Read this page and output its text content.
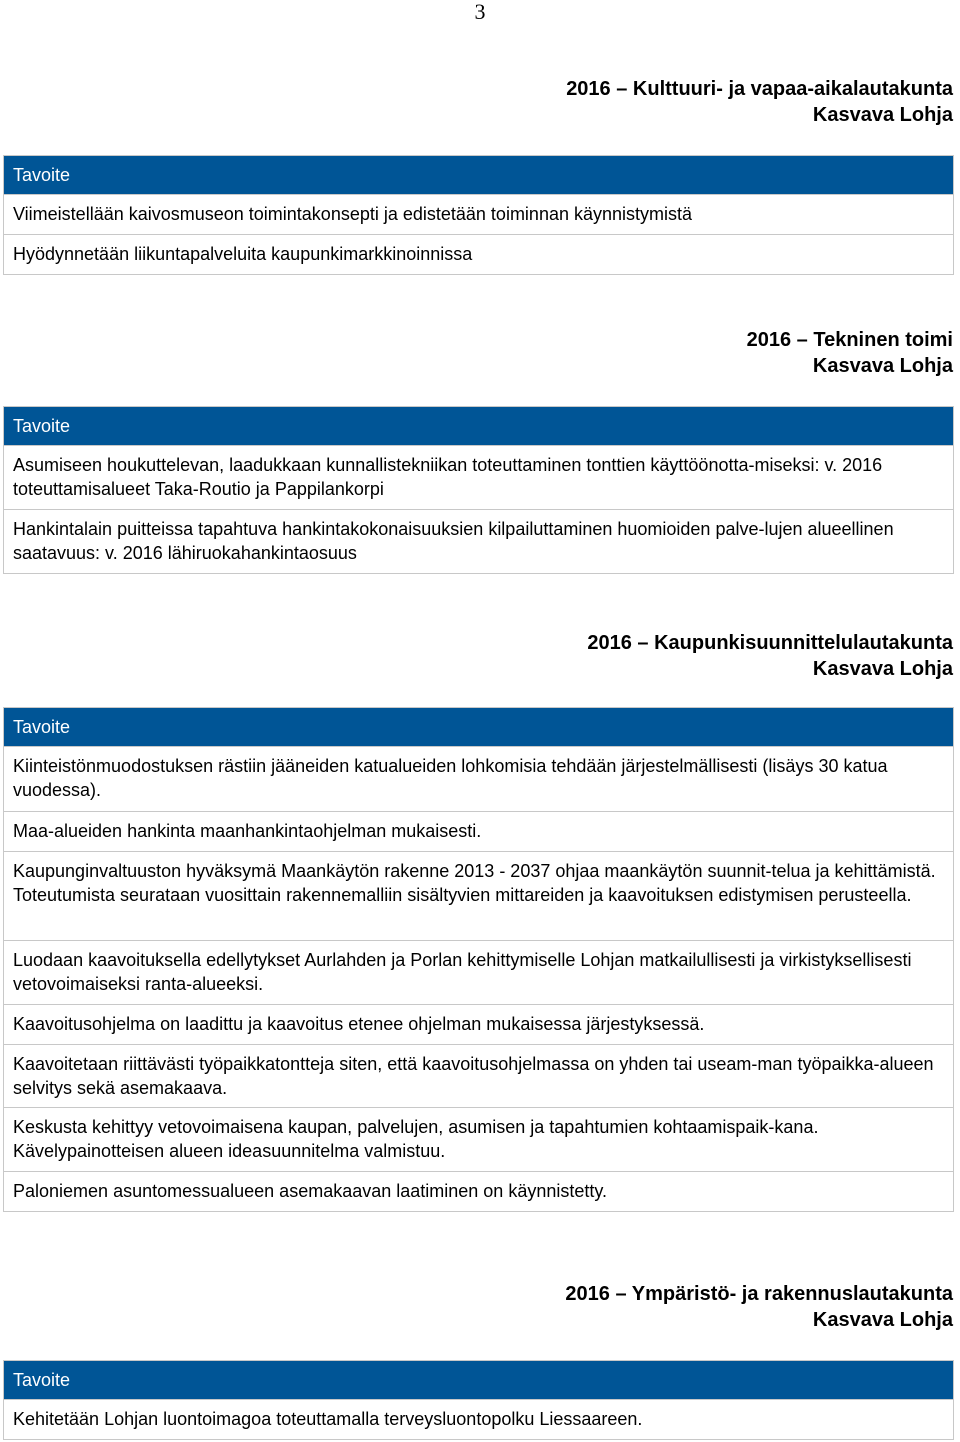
3
2016 – Kulttuuri- ja vapaa-aikalautakunta
Kasvava Lohja
Tavoite
Viimeistellään kaivosmuseon toimintakonsepti ja edistetään toiminnan käynnistymistä
Hyödynnetään liikuntapalveluita kaupunkimarkkinoinnissa
2016 – Tekninen toimi
Kasvava Lohja
Tavoite
Asumiseen houkuttelevan, laadukkaan kunnallistekniikan toteuttaminen tonttien käyttöönotta-miseksi: v. 2016 toteuttamisalueet Taka-Routio ja Pappilankorpi
Hankintalain puitteissa tapahtuva hankintakokonaisuuksien kilpailuttaminen huomioiden palve-lujen alueellinen saatavuus: v. 2016 lähiruokahankintaosuus
2016 – Kaupunkisuunnittelulautakunta
Kasvava Lohja
Tavoite
Kiinteistönmuodostuksen rästiin jääneiden katualueiden lohkomisia tehdään järjestelmällisesti (lisäys 30 katua vuodessa).
Maa-alueiden hankinta maanhankintaohjelman mukaisesti.
Kaupunginvaltuuston hyväksymä Maankäytön rakenne 2013 - 2037 ohjaa maankäytön suunnit-telua ja kehittämistä. Toteutumista seurataan vuosittain rakennemalliin sisältyvien mittareiden ja kaavoituksen edistymisen perusteella.
Luodaan kaavoituksella edellytykset Aurlahden ja Porlan kehittymiselle Lohjan matkailullisesti ja virkistyksellisesti vetovoimaiseksi ranta-alueeksi.
Kaavoitusohjelma on laadittu ja kaavoitus etenee ohjelman mukaisessa järjestyksessä.
Kaavoitetaan riittävästi työpaikkatontteja siten, että kaavoitusohjelmassa on yhden tai useam-man työpaikka-alueen selvitys sekä asemakaava.
Keskusta kehittyy vetovoimaisena kaupan, palvelujen, asumisen ja tapahtumien kohtaamispaik-kana. Kävelypainotteisen alueen ideasuunnitelma valmistuu.
Paloniemen asuntomessualueen asemakaavan laatiminen on käynnistetty.
2016 – Ympäristö- ja rakennuslautakunta
Kasvava Lohja
Tavoite
Kehitetään Lohjan luontoimagoa toteuttamalla terveysluontopolku Liessaareen.
